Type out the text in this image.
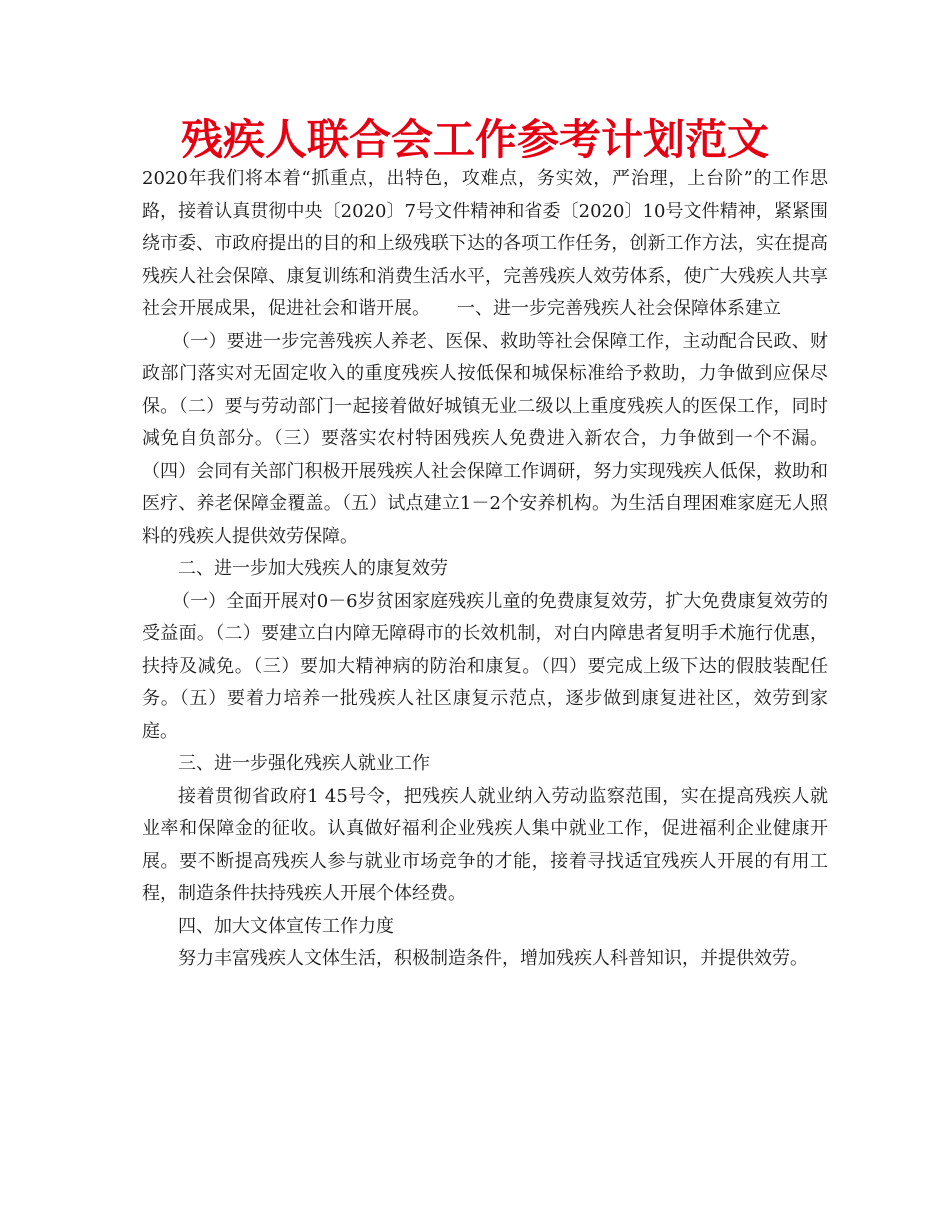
残疾人联合会工作参考计划范文

2020年我们将本着“抓重点，出特色，攻难点，务实效，严治理，上台阶”的工作思路，接着认真贯彻中央〔2020〕7号文件精神和省委〔2020〕10号文件精神，紧紧围绕市委、市政府提出的目的和上级残联下达的各项工作任务，创新工作方法，实在提高残疾人社会保障、康复训练和消费生活水平，完善残疾人效劳体系，使广大残疾人共享社会开展成果，促进社会和谐开展。　　一、进一步完善残疾人社会保障体系建立

（一）要进一步完善残疾人养老、医保、救助等社会保障工作，主动配合民政、财政部门落实对无固定收入的重度残疾人按低保和城保标准给予救助，力争做到应保尽保。（二）要与劳动部门一起接着做好城镇无业二级以上重度残疾人的医保工作，同时减免自负部分。（三）要落实农村特困残疾人免费进入新农合，力争做到一个不漏。（四）会同有关部门积极开展残疾人社会保障工作调研，努力实现残疾人低保，救助和医疗、养老保障金覆盖。（五）试点建立1－2个安养机构。为生活自理困难家庭无人照料的残疾人提供效劳保障。

二、进一步加大残疾人的康复效劳

（一）全面开展对0－6岁贫困家庭残疾儿童的免费康复效劳，扩大免费康复效劳的受益面。（二）要建立白内障无障碍市的长效机制，对白内障患者复明手术施行优惠，扶持及减免。（三）要加大精神病的防治和康复。（四）要完成上级下达的假肢装配任务。（五）要着力培养一批残疾人社区康复示范点，逐步做到康复进社区，效劳到家庭。

三、进一步强化残疾人就业工作

接着贯彻省政府1 45号令，把残疾人就业纳入劳动监察范围，实在提高残疾人就业率和保障金的征收。认真做好福利企业残疾人集中就业工作，促进福利企业健康开展。要不断提高残疾人参与就业市场竞争的才能，接着寻找适宜残疾人开展的有用工程，制造条件扶持残疾人开展个体经费。

四、加大文体宣传工作力度

努力丰富残疾人文体生活，积极制造条件，增加残疾人科普知识，并提供效劳。
